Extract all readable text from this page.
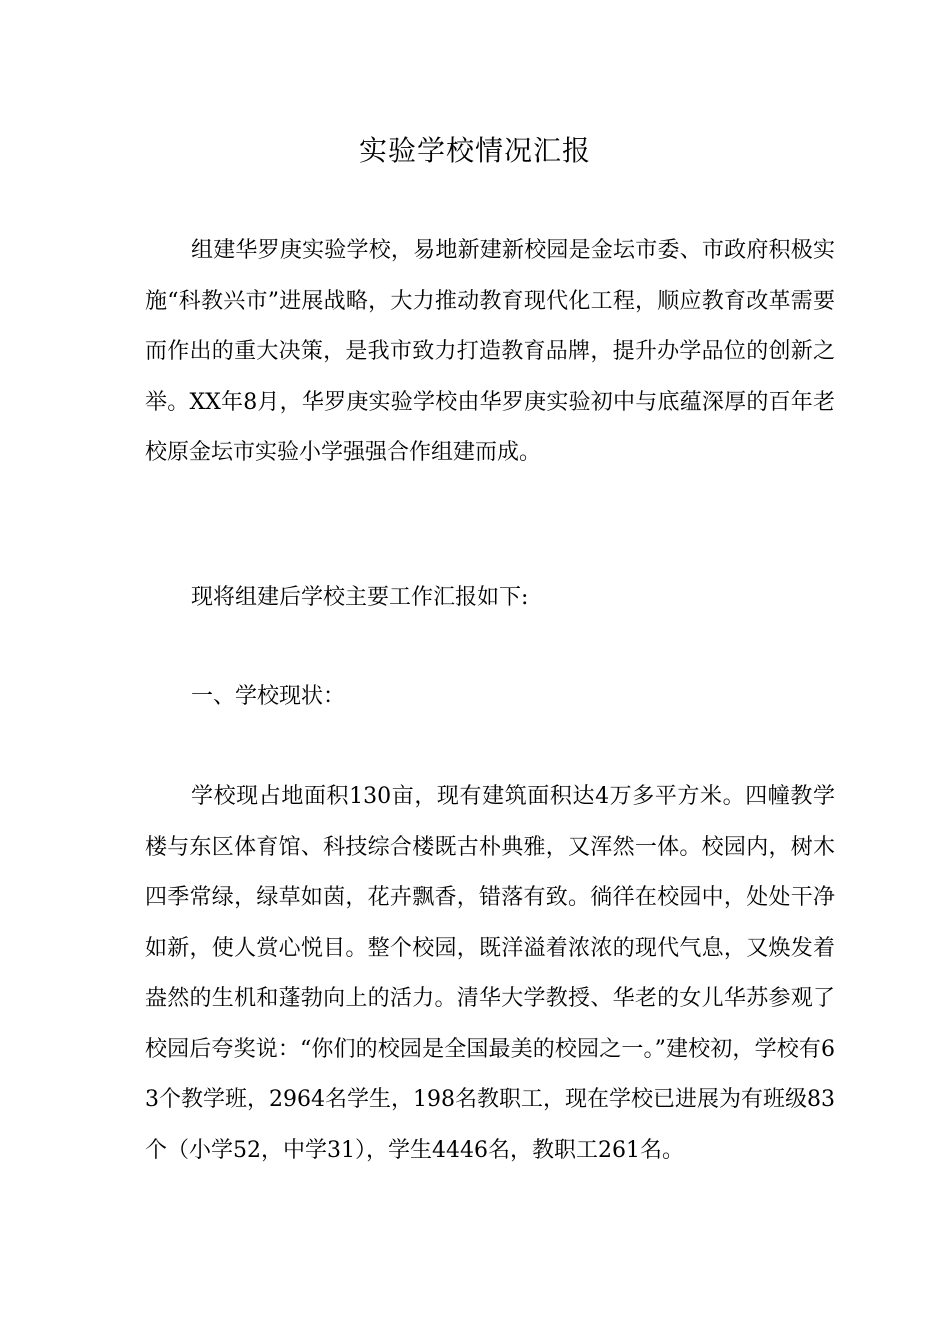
实验学校情况汇报

组建华罗庚实验学校，易地新建新校园是金坛市委、市政府积极实施“科教兴市”进展战略，大力推动教育现代化工程，顺应教育改革需要而作出的重大决策，是我市致力打造教育品牌，提升办学品位的创新之举。XX年8月，华罗庚实验学校由华罗庚实验初中与底蕴深厚的百年老校原金坛市实验小学强强合作组建而成。

现将组建后学校主要工作汇报如下:

一、学校现状：

学校现占地面积130亩，现有建筑面积达4万多平方米。四幢教学楼与东区体育馆、科技综合楼既古朴典雅，又浑然一体。校园内，树木四季常绿，绿草如茵，花卉飘香，错落有致。徜徉在校园中，处处干净如新，使人赏心悦目。整个校园，既洋溢着浓浓的现代气息，又焕发着盎然的生机和蓬勃向上的活力。清华大学教授、华老的女儿华苏参观了校园后夸奖说：“你们的校园是全国最美的校园之一。”建校初，学校有63个教学班，2964名学生，198名教职工，现在学校已进展为有班级83个（小学52，中学31），学生4446名，教职工261名。
